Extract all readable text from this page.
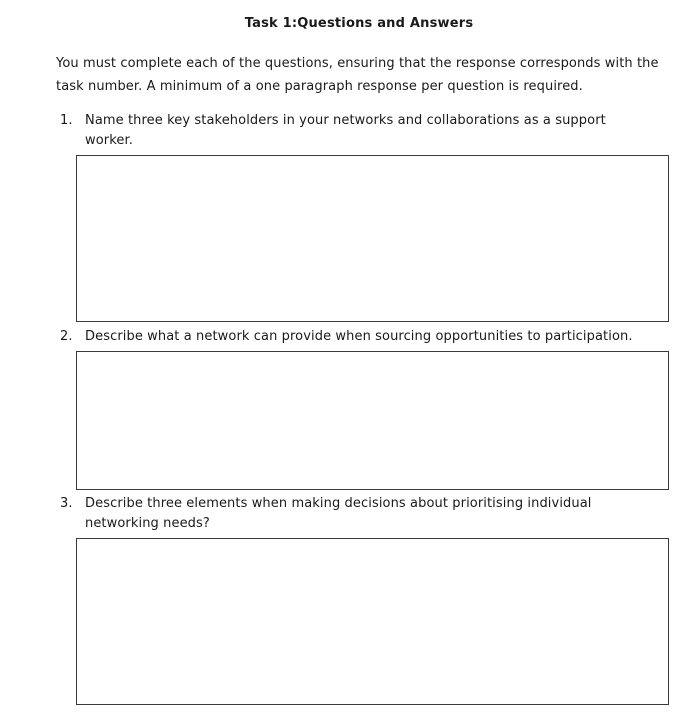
Task 1:Questions and Answers
You must complete each of the questions, ensuring that the response corresponds with the task number. A minimum of a one paragraph response per question is required.
1. Name three key stakeholders in your networks and collaborations as a support worker.
2. Describe what a network can provide when sourcing opportunities to participation.
3. Describe three elements when making decisions about prioritising individual networking needs?
